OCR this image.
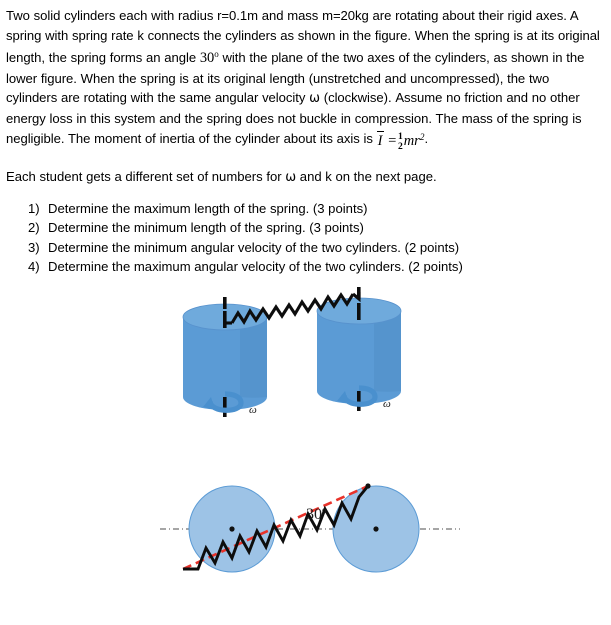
Two solid cylinders each with radius r=0.1m and mass m=20kg are rotating about their rigid axes. A spring with spring rate k connects the cylinders as shown in the figure. When the spring is at its original length, the spring forms an angle 30$^o$ with the plane of the two axes of the cylinders, as shown in the lower figure. When the spring is at its original length (unstretched and uncompressed), the two cylinders are rotating with the same angular velocity ω (clockwise). Assume no friction and no other energy loss in this system and the spring does not buckle in compression. The mass of the spring is negligible. The moment of inertia of the cylinder about its axis is
I = 1
2 $mr^2$.

Each student gets a different set of numbers for ω and k on the next page.

1) Determine the maximum length of the spring. (3 points)
2) Determine the minimum length of the spring. (3 points)
3) Determine the minimum angular velocity of the two cylinders. (2 points)
4) Determine the maximum angular velocity of the two cylinders. (2 points)
ω	ω
30$^o$
